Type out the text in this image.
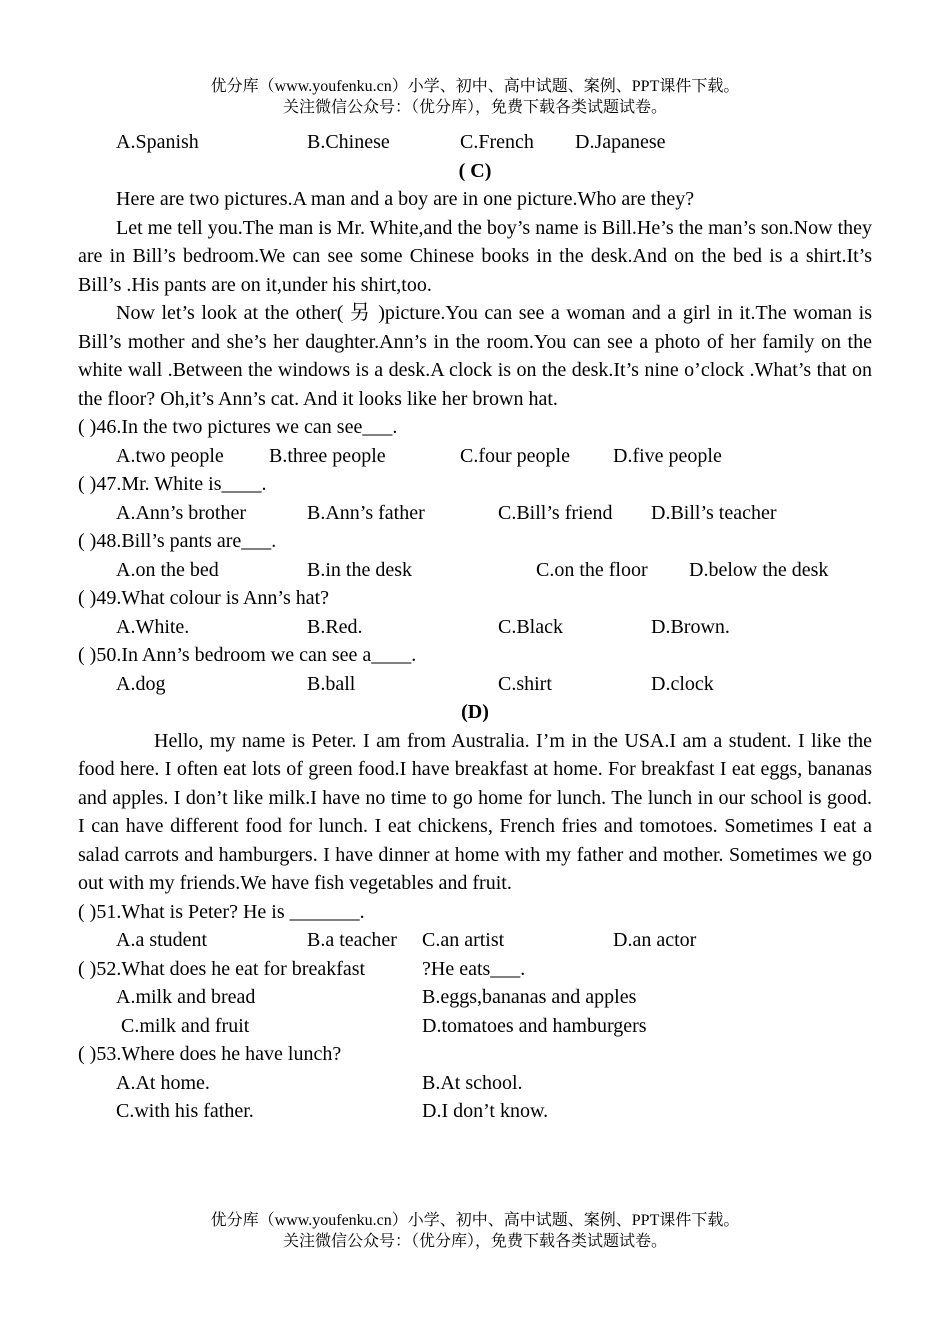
优分库（www.youfenku.cn）小学、初中、高中试题、案例、PPT课件下载。
关注微信公众号：（优分库），免费下载各类试题试卷。
A.Spanish	B.Chinese	C.French D.Japanese
( C)

Here are two pictures.A man and a boy are in one picture.Who are they?

Let me tell you.The man is Mr. White,and the boy’s name is Bill.He’s the man’s son.Now they are in Bill’s bedroom.We can see some Chinese books in the desk.And on the bed is a shirt.It’s Bill’s .His pants are on it,under his shirt,too.

Now let’s look at the other( 另 )picture.You can see a woman and a girl in it.The woman is Bill’s mother and she’s her daughter.Ann’s in the room.You can see a photo of her family on the white wall .Between the windows is a desk.A clock is on the desk.It’s nine o’clock .What’s that on the floor? Oh,it’s Ann’s cat. And it looks like her brown hat.

( )46.In the two pictures we can see___.
A.two people B.three people	C.four people D.five people
( )47.Mr. White is____.
A.Ann’s brother	B.Ann’s father	C.Bill’s friend D.Bill’s teacher
( )48.Bill’s pants are___.
A.on the bed	B.in the desk	C.on the floor D.below the desk
( )49.What colour is Ann’s hat?
A.White.	B.Red.	C.Black	D.Brown.
( )50.In Ann’s bedroom we can see a____.
A.dog	B.ball	C.shirt	D.clock
(D)

Hello, my name is Peter. I am from Australia. I’m in the USA.I am a student. I like the food here. I often eat lots of green food.I have breakfast at home. For breakfast I eat eggs, bananas and apples. I don’t like milk.I have no time to go home for lunch. The lunch in our school is good. I can have different food for lunch. I eat chickens, French fries and tomotoes. Sometimes I eat a salad carrots and hamburgers. I have dinner at home with my father and mother. Sometimes we go out with my friends.We have fish vegetables and fruit.

( )51.What is Peter? He is _______.
A.a student	B.a teacher C.an artist	D.an actor
( )52.What does he eat for breakfast	?He eats___.
A.milk and bread	B.eggs,bananas and apples
C.milk and fruit	D.tomatoes and hamburgers
( )53.Where does he have lunch?
A.At home.	B.At school.
C.with his father.	D.I don’t know.
优分库（www.youfenku.cn）小学、初中、高中试题、案例、PPT课件下载。
关注微信公众号：（优分库），免费下载各类试题试卷。
